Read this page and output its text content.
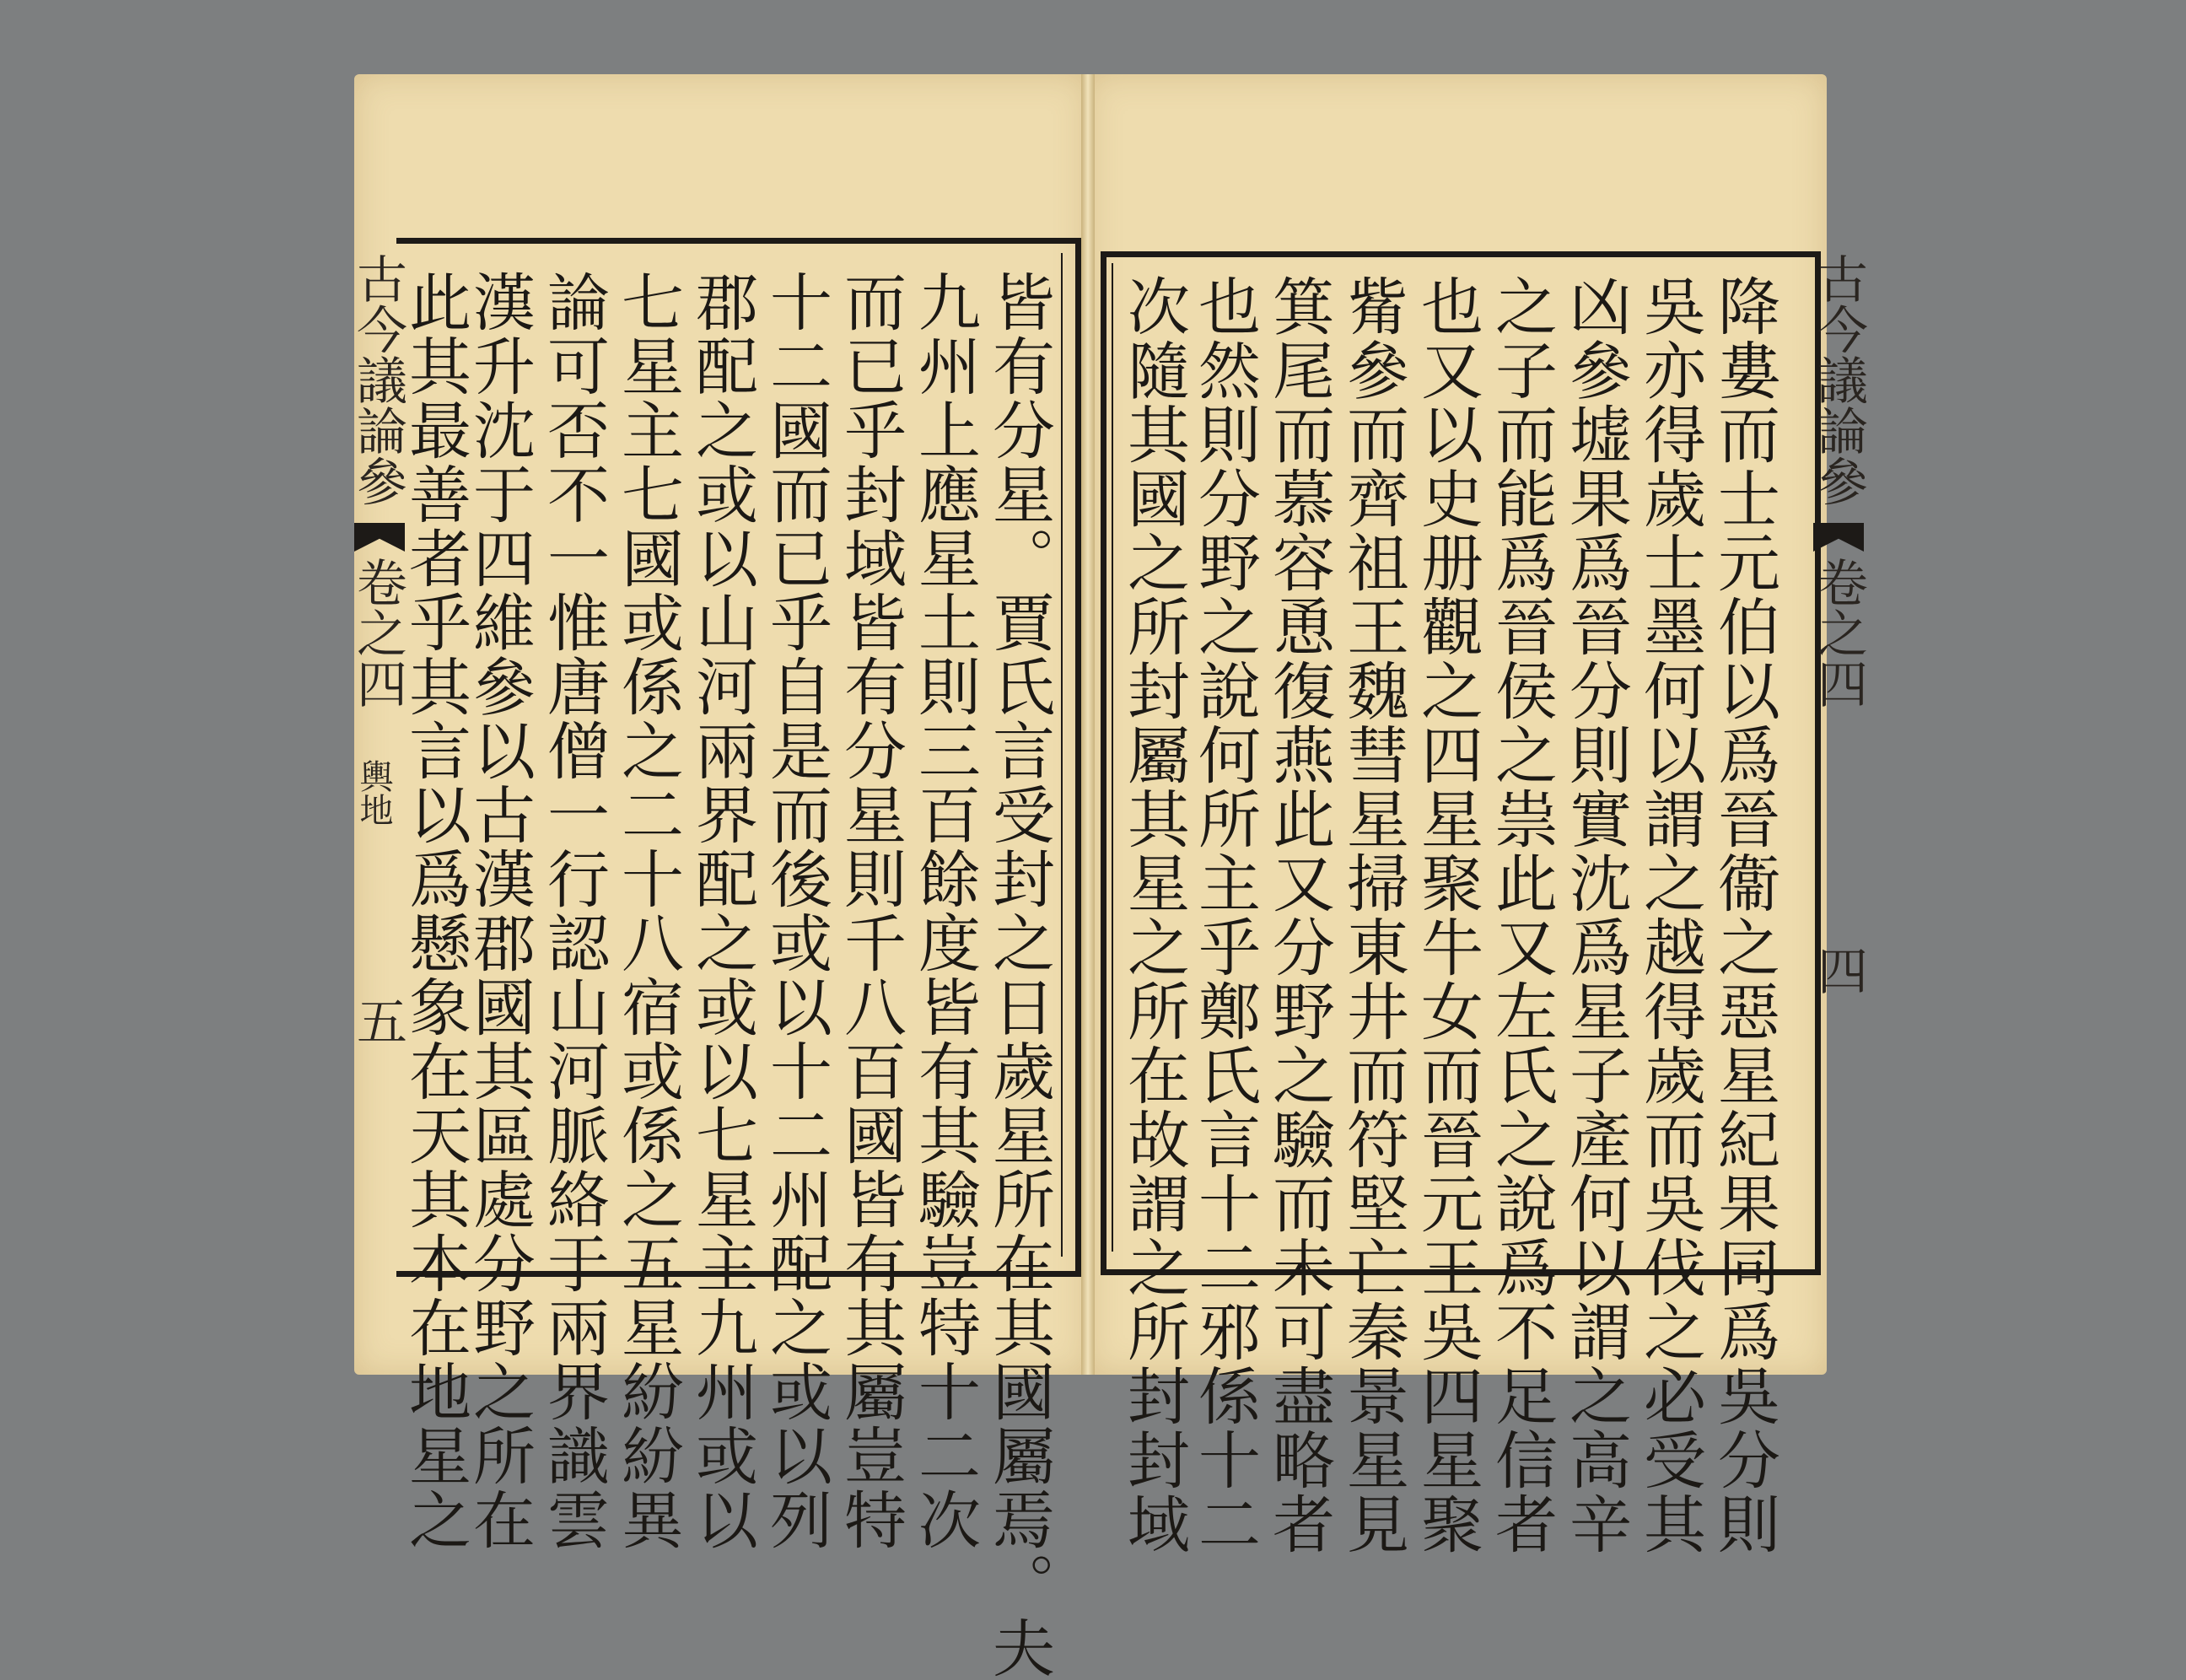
古今議論參
卷之四
輿地
五
古今議論參
卷之四
四
皆有分星。賈氏言受封之日歲星所在其國屬焉。夫
九州上應星土則三百餘度皆有其驗豈特十二次
而已乎封域皆有分星則千八百國皆有其屬豈特
十二國而已乎自是而後或以十二州配之或以列
郡配之或以山河兩界配之或以七星主九州或以
七星主七國或係之二十八宿或係之五星紛紛異
論可否不一惟唐僧一行認山河脈絡于兩界識雲
漢升沈于四維參以古漢郡國其區處分野之所在
此其最善者乎其言以爲懸象在天其本在地星之	降婁而士元伯以爲晉衞之惡星紀果同爲吳分則
吳亦得歲士墨何以謂之越得歲而吳伐之必受其
凶參墟果爲晉分則實沈爲星子產何以謂之高辛
之子而能爲晉侯之祟此又左氏之說爲不足信者
也又以史册觀之四星聚牛女而晉元王吳四星聚
觜參而齊祖王魏彗星掃東井而符堅亡秦景星見
箕尾而慕容恿復燕此又分野之驗而未可盡略者
也然則分野之說何所主乎鄭氏言十二邪係十二
次隨其國之所封屬其星之所在故謂之所封封域
